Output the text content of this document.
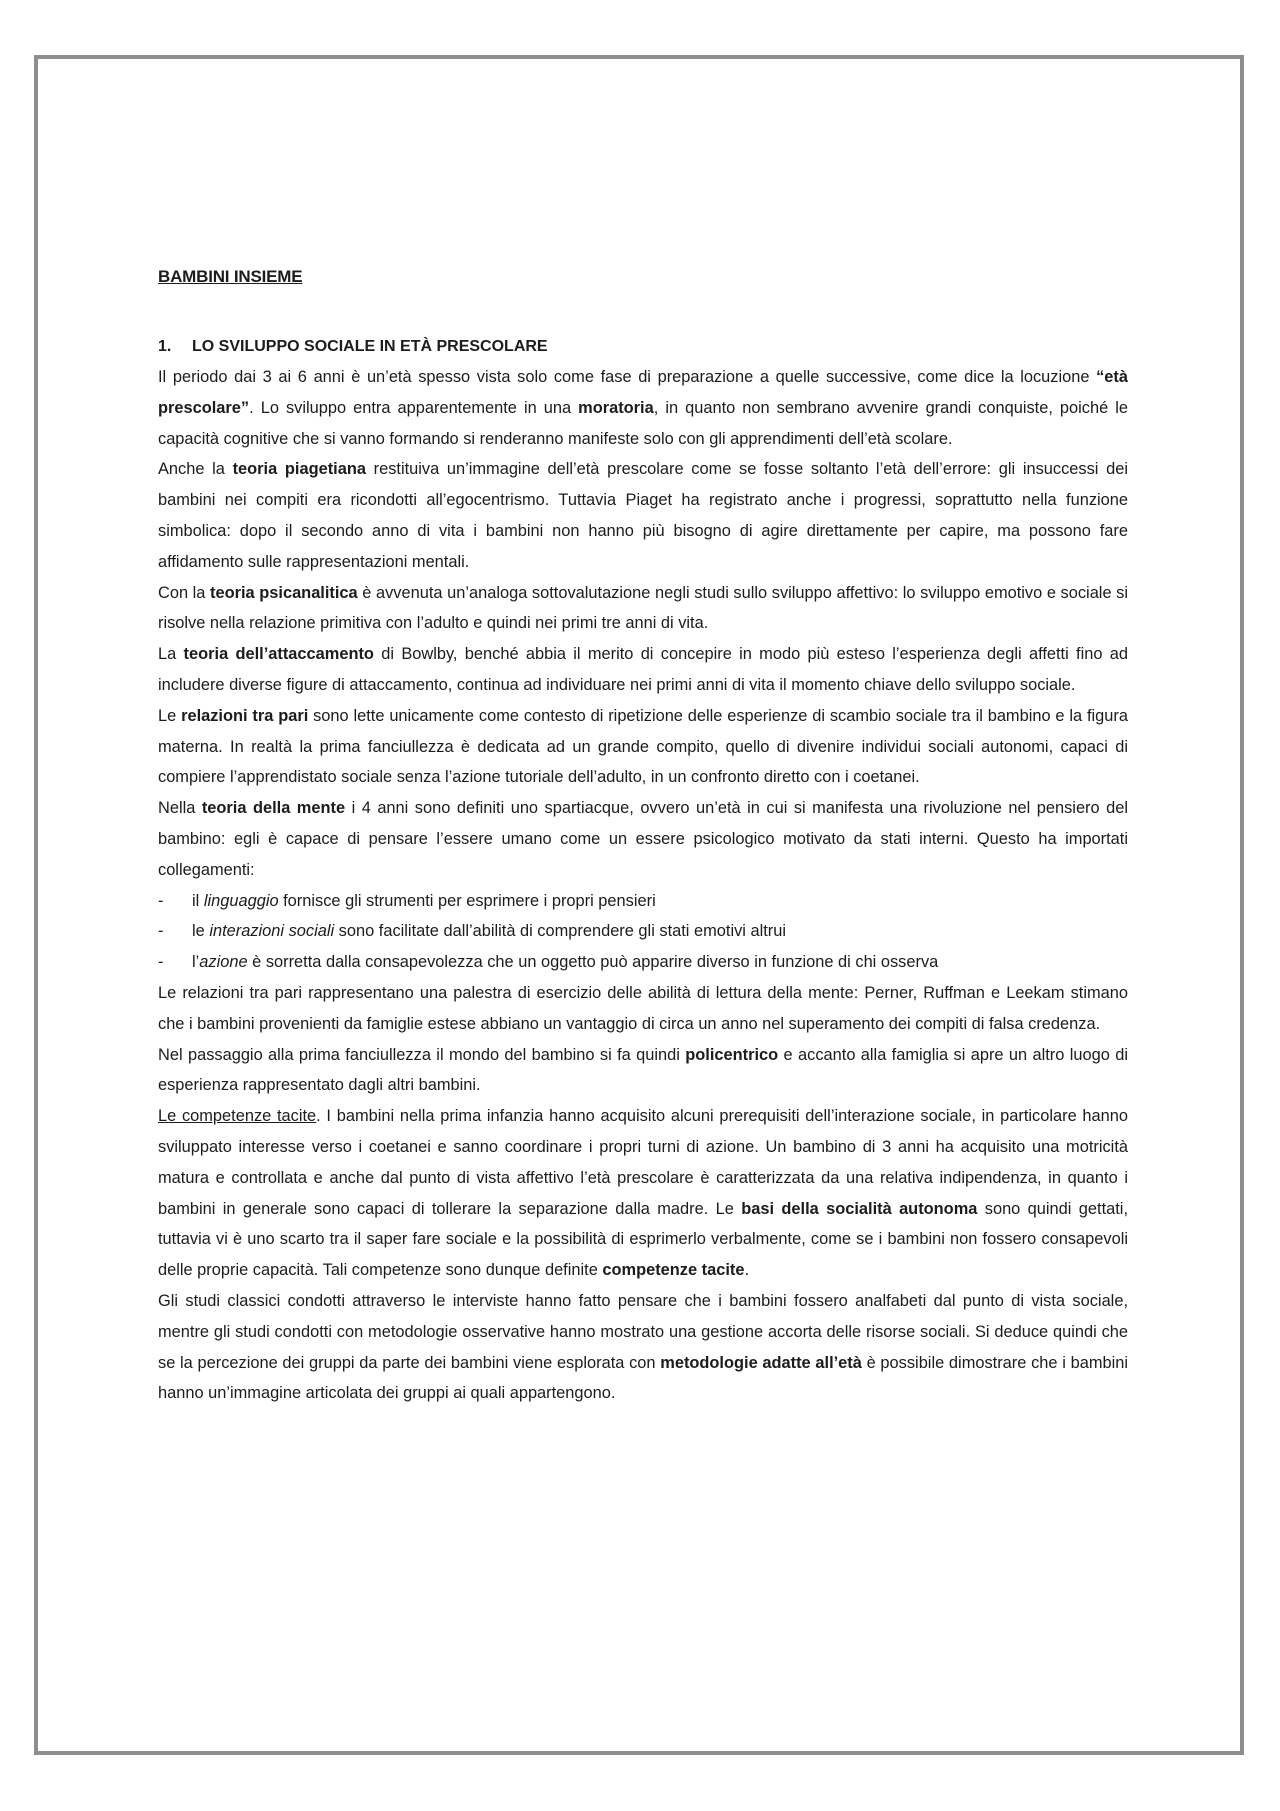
BAMBINI INSIEME
1. LO SVILUPPO SOCIALE IN ETÀ PRESCOLARE

Il periodo dai 3 ai 6 anni è un’età spesso vista solo come fase di preparazione a quelle successive, come dice la locuzione “età prescolare”. Lo sviluppo entra apparentemente in una moratoria, in quanto non sembrano avvenire grandi conquiste, poiché le capacità cognitive che si vanno formando si renderanno manifeste solo con gli apprendimenti dell’età scolare.

Anche la teoria piagetiana restituiva un’immagine dell’età prescolare come se fosse soltanto l’età dell’errore: gli insuccessi dei bambini nei compiti era ricondotti all’egocentrismo. Tuttavia Piaget ha registrato anche i progressi, soprattutto nella funzione simbolica: dopo il secondo anno di vita i bambini non hanno più bisogno di agire direttamente per capire, ma possono fare affidamento sulle rappresentazioni mentali.

Con la teoria psicanalitica è avvenuta un’analoga sottovalutazione negli studi sullo sviluppo affettivo: lo sviluppo emotivo e sociale si risolve nella relazione primitiva con l’adulto e quindi nei primi tre anni di vita.

La teoria dell’attaccamento di Bowlby, benché abbia il merito di concepire in modo più esteso l’esperienza degli affetti fino ad includere diverse figure di attaccamento, continua ad individuare nei primi anni di vita il momento chiave dello sviluppo sociale.

Le relazioni tra pari sono lette unicamente come contesto di ripetizione delle esperienze di scambio sociale tra il bambino e la figura materna. In realtà la prima fanciullezza è dedicata ad un grande compito, quello di divenire individui sociali autonomi, capaci di compiere l’apprendistato sociale senza l’azione tutoriale dell’adulto, in un confronto diretto con i coetanei.

Nella teoria della mente i 4 anni sono definiti uno spartiacque, ovvero un’età in cui si manifesta una rivoluzione nel pensiero del bambino: egli è capace di pensare l’essere umano come un essere psicologico motivato da stati interni. Questo ha importati collegamenti:

- il linguaggio fornisce gli strumenti per esprimere i propri pensieri
- le interazioni sociali sono facilitate dall’abilità di comprendere gli stati emotivi altrui
- l’azione è sorretta dalla consapevolezza che un oggetto può apparire diverso in funzione di chi osserva

Le relazioni tra pari rappresentano una palestra di esercizio delle abilità di lettura della mente: Perner, Ruffman e Leekam stimano che i bambini provenienti da famiglie estese abbiano un vantaggio di circa un anno nel superamento dei compiti di falsa credenza.

Nel passaggio alla prima fanciullezza il mondo del bambino si fa quindi policentrico e accanto alla famiglia si apre un altro luogo di esperienza rappresentato dagli altri bambini.

Le competenze tacite. I bambini nella prima infanzia hanno acquisito alcuni prerequisiti dell’interazione sociale, in particolare hanno sviluppato interesse verso i coetanei e sanno coordinare i propri turni di azione. Un bambino di 3 anni ha acquisito una motricità matura e controllata e anche dal punto di vista affettivo l’età prescolare è caratterizzata da una relativa indipendenza, in quanto i bambini in generale sono capaci di tollerare la separazione dalla madre. Le basi della socialità autonoma sono quindi gettati, tuttavia vi è uno scarto tra il saper fare sociale e la possibilità di esprimerlo verbalmente, come se i bambini non fossero consapevoli delle proprie capacità. Tali competenze sono dunque definite competenze tacite.

Gli studi classici condotti attraverso le interviste hanno fatto pensare che i bambini fossero analfabeti dal punto di vista sociale, mentre gli studi condotti con metodologie osservative hanno mostrato una gestione accorta delle risorse sociali. Si deduce quindi che se la percezione dei gruppi da parte dei bambini viene esplorata con metodologie adatte all’età è possibile dimostrare che i bambini hanno un’immagine articolata dei gruppi ai quali appartengono.
